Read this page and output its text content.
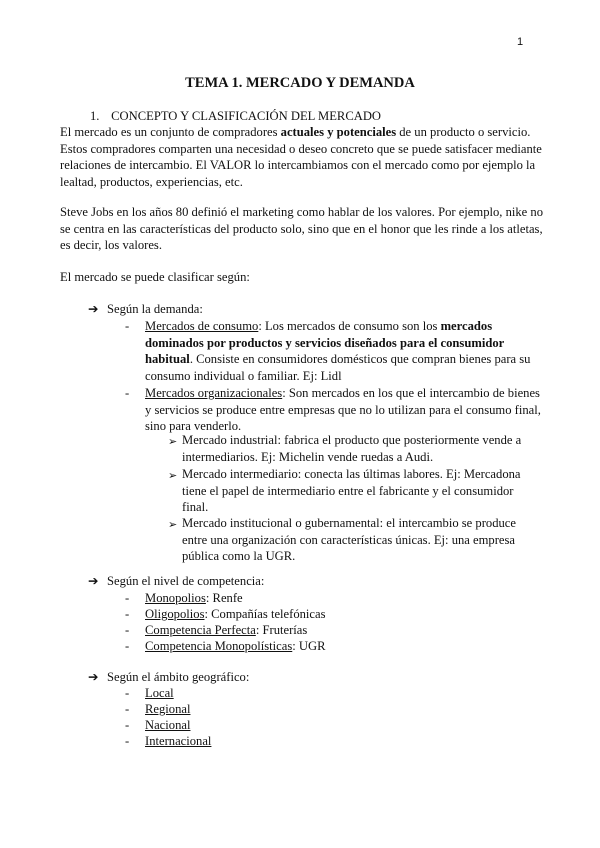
1
TEMA 1. MERCADO Y DEMANDA
1. CONCEPTO Y CLASIFICACIÓN DEL MERCADO
El mercado es un conjunto de compradores actuales y potenciales de un producto o servicio. Estos compradores comparten una necesidad o deseo concreto que se puede satisfacer mediante relaciones de intercambio. El VALOR lo intercambiamos con el mercado como por ejemplo la lealtad, productos, experiencias, etc.
Steve Jobs en los años 80 definió el marketing como hablar de los valores. Por ejemplo, nike no se centra en las características del producto solo, sino que en el honor que les rinde a los atletas, es decir, los valores.
El mercado se puede clasificar según:
➔ Según la demanda:
- Mercados de consumo: Los mercados de consumo son los mercados dominados por productos y servicios diseñados para el consumidor habitual. Consiste en consumidores domésticos que compran bienes para su consumo individual o familiar. Ej: Lidl
- Mercados organizacionales: Son mercados en los que el intercambio de bienes y servicios se produce entre empresas que no lo utilizan para el consumo final, sino para venderlo.
➢ Mercado industrial: fabrica el producto que posteriormente vende a intermediarios. Ej: Michelin vende ruedas a Audi.
➢ Mercado intermediario: conecta las últimas labores. Ej: Mercadona tiene el papel de intermediario entre el fabricante y el consumidor final.
➢ Mercado institucional o gubernamental: el intercambio se produce entre una organización con características únicas. Ej: una empresa pública como la UGR.
➔ Según el nivel de competencia:
- Monopolios: Renfe
- Oligopolios: Compañías telefónicas
- Competencia Perfecta: Fruterías
- Competencia Monopolísticas: UGR
➔ Según el ámbito geográfico:
- Local
- Regional
- Nacional
- Internacional
